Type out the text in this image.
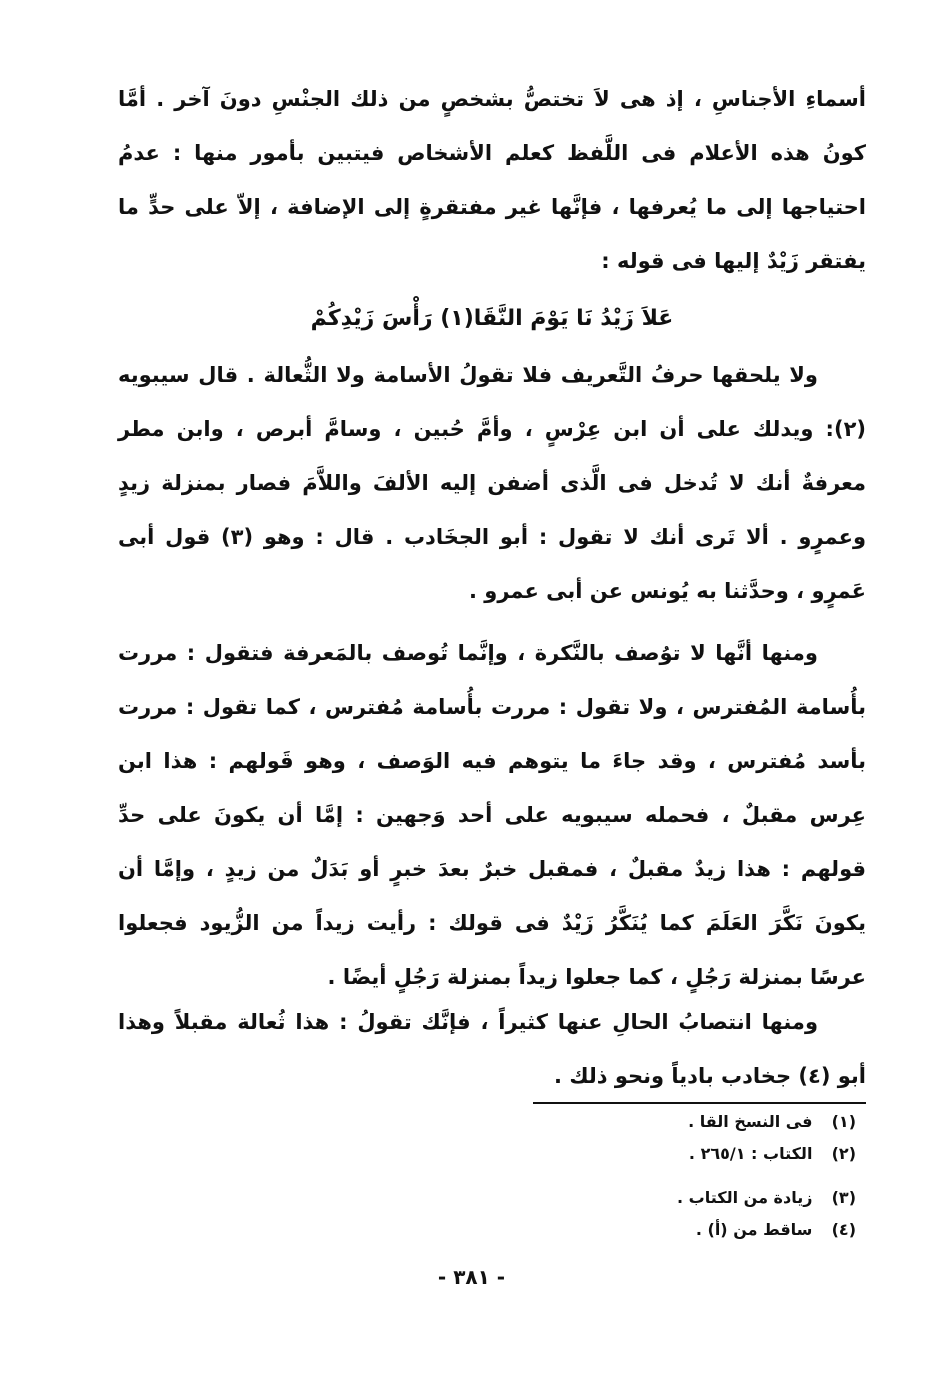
أسماءِ الأجناسِ ، إذ هى لاَ تختصُّ بشخصٍ من ذلك الجنْسِ دونَ آخر . أمَّا كونُ هذه الأعلام فى اللَّفظ كعلم الأشخاص فيتبين بأمور منها : عدمُ احتياجها إلى ما يُعرفها ، فإنَّها غير مفتقرةٍ إلى الإضافة ، إلاّ على حدٍّ ما يفتقر زَيْدٌ إليها فى قوله :
عَلاَ زَيْدُ نَا يَوْمَ النَّقَا(١) رَأْسَ زَيْدِكُمْ
ولا يلحقها حرفُ التَّعريف فلا تقولُ الأسامة ولا الثُّعالة . قال سيبويه (٢): ويدلك على أن ابن عِرْسٍ ، وأمَّ حُبين ، وسامَّ أبرص ، وابن مطر معرفةٌ أنك لا تُدخل فى الَّذى أضفن إليه الألفَ واللاَّمَ فصار بمنزلة زيدٍ وعمرٍو . ألا تَرى أنك لا تقول : أبو الجخَادب . قال : وهو (٣) قول أبى عَمرٍو ، وحدَّثنا به يُونس عن أبى عمرو .
ومنها أنَّها لا توُصف بالنَّكرة ، وإنَّما تُوصف بالمَعرفة فتقول : مررت بأُسامة المُفترس ، ولا تقول : مررت بأُسامة مُفترس ، كما تقول : مررت بأسد مُفترس ، وقد جاءَ ما يتوهم فيه الوَصف ، وهو قَولهم : هذا ابن عِرس مقبلٌ ، فحمله سيبويه على أحد وَجهين : إمَّا أن يكونَ على حدِّ قولهم : هذا زيدٌ مقبلٌ ، فمقبل خبرٌ بعدَ خبرٍ أو بَدَلٌ من زيدٍ ، وإمَّا أن يكونَ نَكَّرَ العَلَمَ كما يُنَكَّرُ زَيْدٌ فى قولك : رأيت زيداً من الزُّيود فجعلوا عرسًا بمنزلة رَجُلٍ ، كما جعلوا زيداً بمنزلة رَجُلٍ أيضًا .
ومنها انتصابُ الحالِ عنها كثيراً ، فإنَّك تقولُ : هذا ثُعالة مقبلاً وهذا أبو (٤) جخادب بادياً ونحو ذلك .
(١) فى النسخ القا .
(٢) الكتاب : ٢٦٥/١ .
(٣) زيادة من الكتاب .
(٤) ساقط من (أ) .
- ٣٨١ -
